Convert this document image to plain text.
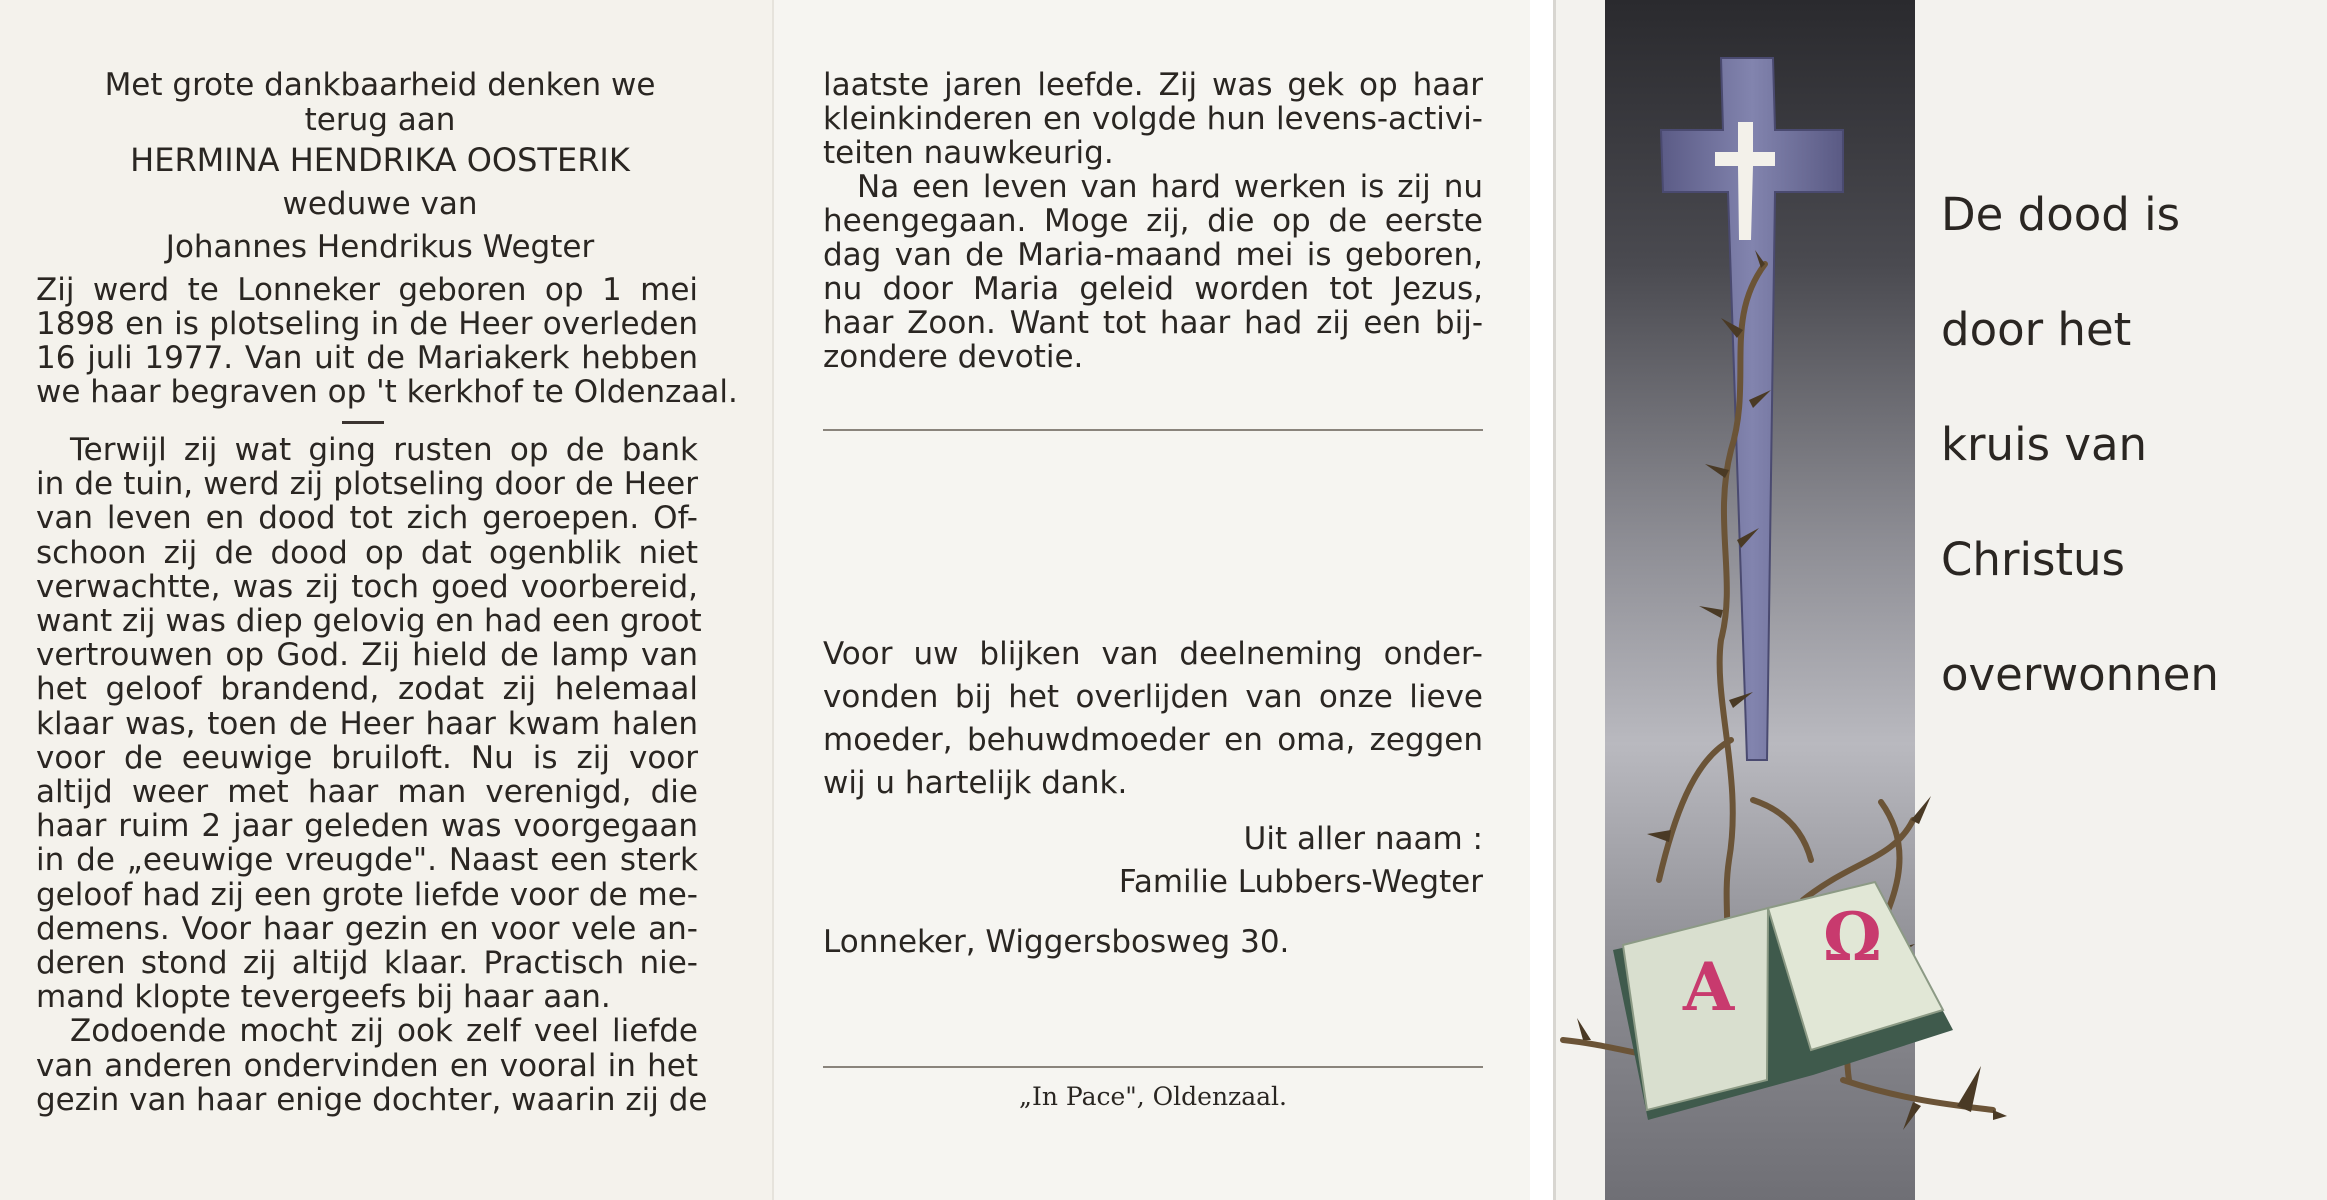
Met grote dankbaarheid denken we

terug aan

HERMINA HENDRIKA OOSTERIK

weduwe van

Johannes Hendrikus Wegter

Zij werd te Lonneker geboren op 1 mei

1898 en is plotseling in de Heer overleden

16 juli 1977. Van uit de Mariakerk hebben

we haar begraven op 't kerkhof te Oldenzaal.

Terwijl zij wat ging rusten op de bank

in de tuin, werd zij plotseling door de Heer

van leven en dood tot zich geroepen. Of-

schoon zij de dood op dat ogenblik niet

verwachtte, was zij toch goed voorbereid,

want zij was diep gelovig en had een groot

vertrouwen op God. Zij hield de lamp van

het geloof brandend, zodat zij helemaal

klaar was, toen de Heer haar kwam halen

voor de eeuwige bruiloft. Nu is zij voor

altijd weer met haar man verenigd, die

haar ruim 2 jaar geleden was voorgegaan

in de „eeuwige vreugde". Naast een sterk

geloof had zij een grote liefde voor de me-

demens. Voor haar gezin en voor vele an-

deren stond zij altijd klaar. Practisch nie-

mand klopte tevergeefs bij haar aan.

Zodoende mocht zij ook zelf veel liefde

van anderen ondervinden en vooral in het

gezin van haar enige dochter, waarin zij de

laatste jaren leefde. Zij was gek op haar

kleinkinderen en volgde hun levens-activi-

teiten nauwkeurig.

Na een leven van hard werken is zij nu

heengegaan. Moge zij, die op de eerste

dag van de Maria-maand mei is geboren,

nu door Maria geleid worden tot Jezus,

haar Zoon. Want tot haar had zij een bij-

zondere devotie.

Voor uw blijken van deelneming onder-

vonden bij het overlijden van onze lieve

moeder, behuwdmoeder en oma, zeggen

wij u hartelijk dank.

Uit aller naam :

Familie Lubbers-Wegter

Lonneker, Wiggersbosweg 30.

„In Pace", Oldenzaal.

A
Ω
De dood is
door het
kruis van
Christus
overwonnen
